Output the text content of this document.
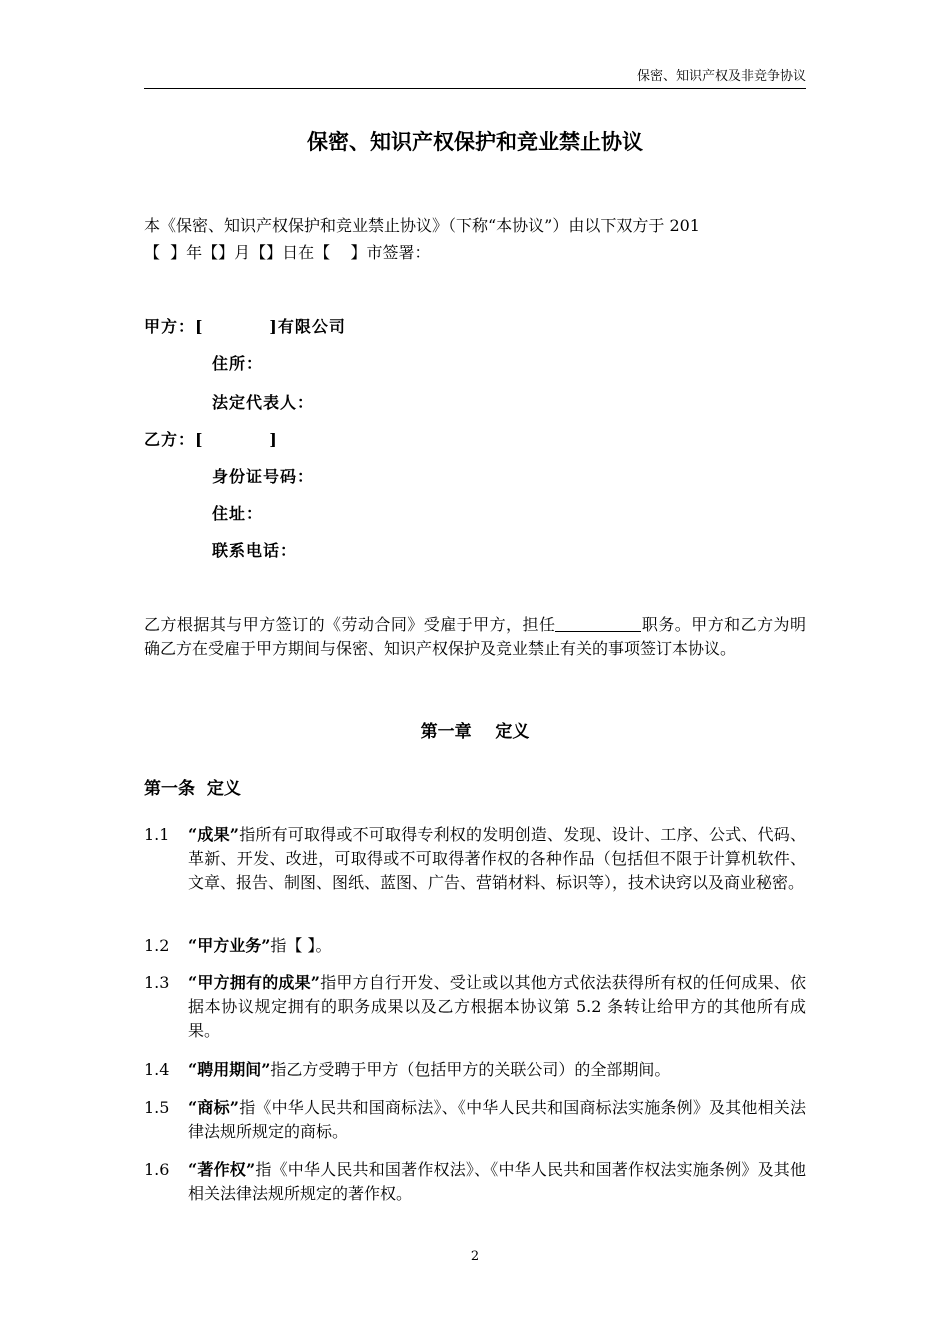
保密、知识产权及非竞争协议
保密、知识产权保护和竞业禁止协议
本《保密、知识产权保护和竞业禁止协议》（下称“本协议”）由以下双方于 201
【  】年【】月【】日在【    】市签署：
甲方：[          ]有限公司
住所：
法定代表人：
乙方：[          ]
身份证号码：
住址：
联系电话：
乙方根据其与甲方签订的《劳动合同》受雇于甲方，担任	职务。甲方和乙方为明确乙方在受雇于甲方期间与保密、知识产权保护及竞业禁止有关的事项签订本协议。
第一章    定义
第一条  定义
1.1	“成果”指所有可取得或不可取得专利权的发明创造、发现、设计、工序、公式、代码、革新、开发、改进，可取得或不可取得著作权的各种作品（包括但不限于计算机软件、文章、报告、制图、图纸、蓝图、广告、营销材料、标识等），技术诀窍以及商业秘密。
1.2	“甲方业务”指【 】。
1.3	“甲方拥有的成果”指甲方自行开发、受让或以其他方式依法获得所有权的任何成果、依据本协议规定拥有的职务成果以及乙方根据本协议第 5.2 条转让给甲方的其他所有成果。
1.4	“聘用期间”指乙方受聘于甲方（包括甲方的关联公司）的全部期间。
1.5	“商标”指《中华人民共和国商标法》、《中华人民共和国商标法实施条例》及其他相关法律法规所规定的商标。
1.6	“著作权”指《中华人民共和国著作权法》、《中华人民共和国著作权法实施条例》及其他相关法律法规所规定的著作权。
2
